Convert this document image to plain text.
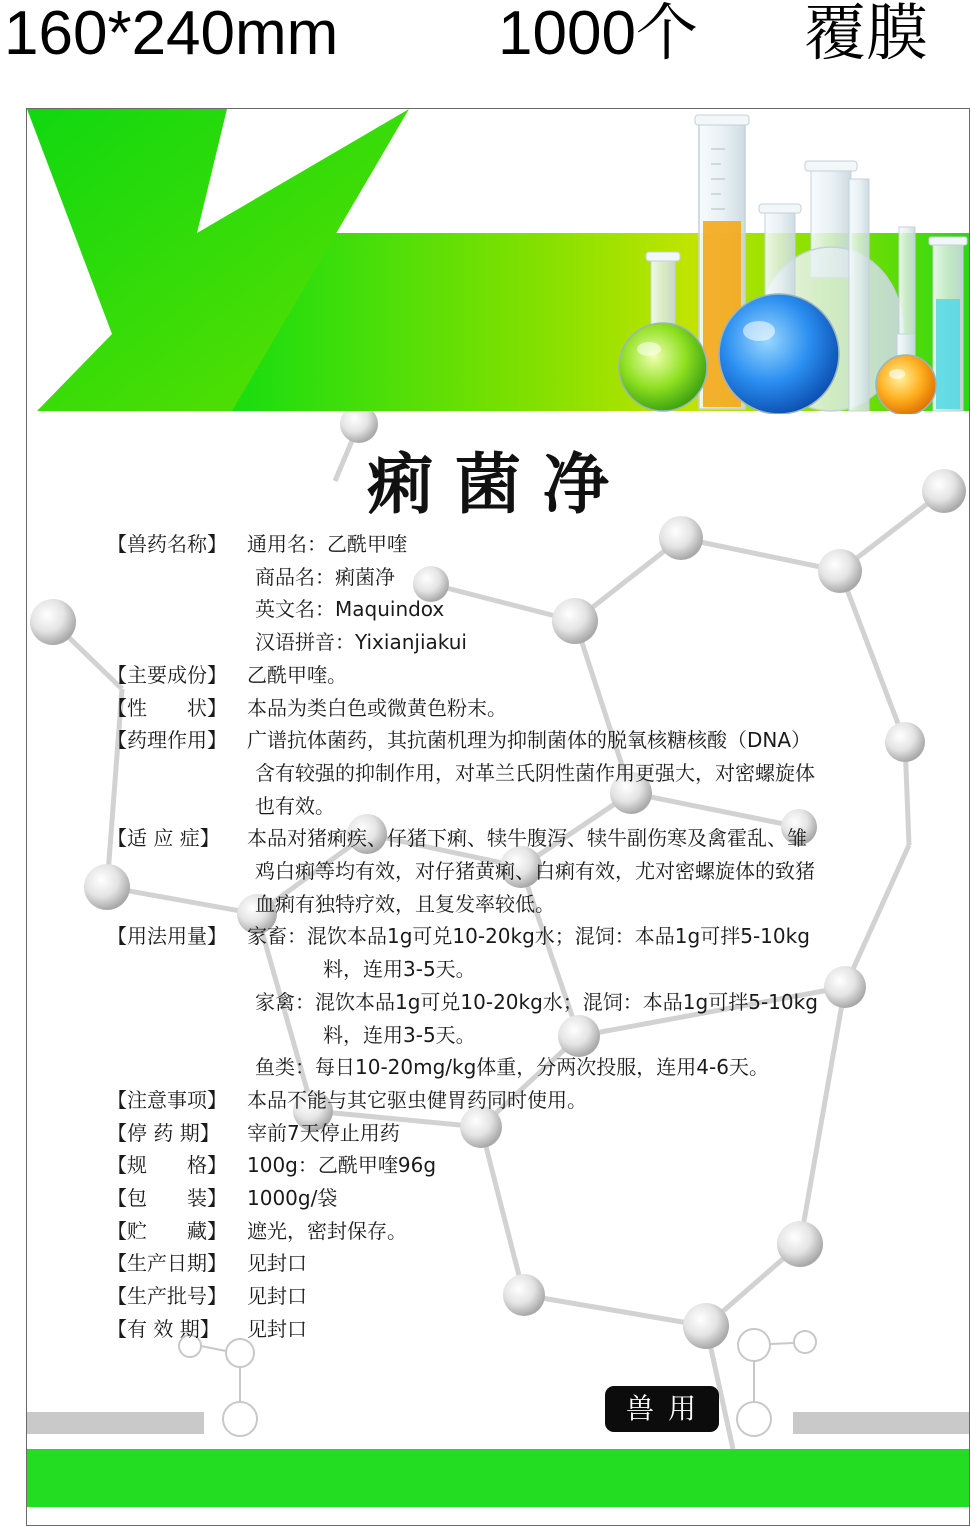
160*240mm	1000个 覆膜
痢菌净
【兽药名称】 通用名：乙酰甲喹
商品名：痢菌净
英文名：Maquindox
汉语拼音：Yixianjiakui
【主要成份】 乙酰甲喹。
【性　　状】 本品为类白色或微黄色粉末。
【药理作用】 广谱抗体菌药，其抗菌机理为抑制菌体的脱氧核糖核酸（DNA）
含有较强的抑制作用，对革兰氏阴性菌作用更强大，对密螺旋体
也有效。
【适 应 症】 本品对猪痢疾、仔猪下痢、犊牛腹泻、犊牛副伤寒及禽霍乱、雏
鸡白痢等均有效，对仔猪黄痢、白痢有效，尤对密螺旋体的致猪
血痢有独特疗效，且复发率较低。
【用法用量】 家畜：混饮本品1g可兑10-20kg水；混饲：本品1g可拌5-10kg
料，连用3-5天。
家禽：混饮本品1g可兑10-20kg水；混饲：本品1g可拌5-10kg
料，连用3-5天。
鱼类：每日10-20mg/kg体重，分两次投服，连用4-6天。
【注意事项】 本品不能与其它驱虫健胃药同时使用。
【停 药 期】 宰前7天停止用药
【规　　格】 100g：乙酰甲喹96g
【包　　装】 1000g/袋
【贮　　藏】 遮光，密封保存。
【生产日期】 见封口
【生产批号】 见封口
【有 效 期】 见封口
兽用
